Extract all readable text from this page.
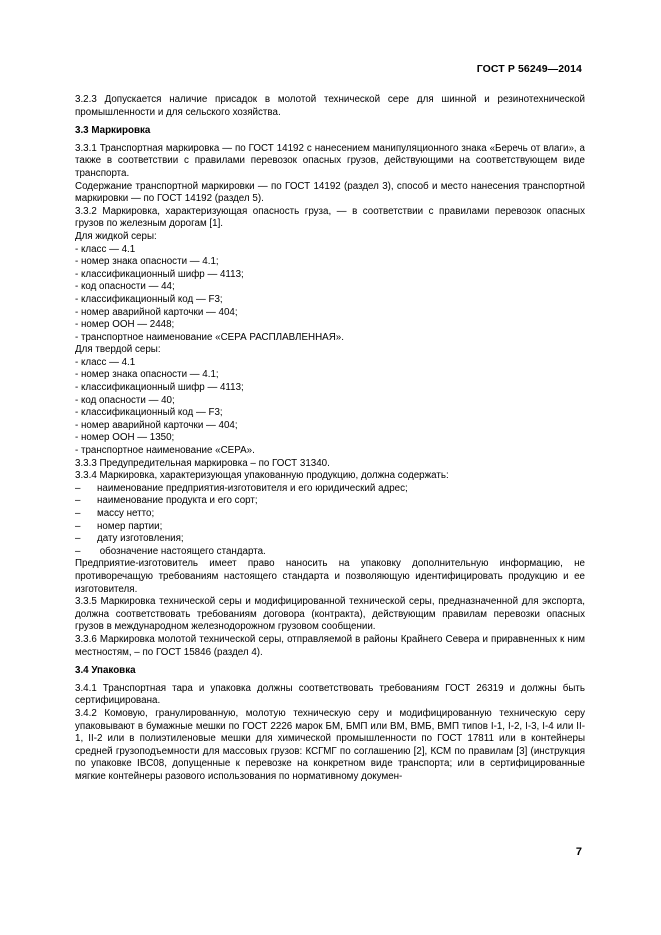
ГОСТ Р 56249—2014

3.2.3 Допускается наличие присадок в молотой технической сере для шинной и резинотехнической промышленности и для сельского хозяйства.

3.3 Маркировка

3.3.1 Транспортная маркировка — по ГОСТ 14192 с нанесением манипуляционного знака «Беречь от влаги», а также в соответствии с правилами перевозок опасных грузов, действующими на соответствующем виде транспорта.

Содержание транспортной маркировки — по ГОСТ 14192 (раздел 3), способ и место нанесения транспортной маркировки — по ГОСТ 14192 (раздел 5).

3.3.2 Маркировка, характеризующая опасность груза, — в соответствии с правилами перевозок опасных грузов по железным дорогам [1].

Для жидкой серы:

- класс — 4.1

- номер знака опасности — 4.1;

- классификационный шифр — 4113;

- код опасности — 44;

- классификационный код — F3;

- номер аварийной карточки — 404;

- номер ООН — 2448;

- транспортное наименование «СЕРА РАСПЛАВЛЕННАЯ».

Для твердой серы:

- класс — 4.1

- номер знака опасности — 4.1;

- классификационный шифр — 4113;

- код опасности — 40;

- классификационный код — F3;

- номер аварийной карточки — 404;

- номер ООН — 1350;

- транспортное наименование «СЕРА».

3.3.3 Предупредительная маркировка – по ГОСТ 31340.

3.3.4 Маркировка, характеризующая упакованную продукцию, должна содержать:

–	наименование предприятия-изготовителя и его юридический адрес;
–	наименование продукта и его сорт;
–	массу нетто;
–	номер партии;
–	дату изготовления;
–	обозначение настоящего стандарта.

Предприятие-изготовитель имеет право наносить на упаковку дополнительную информацию, не противоречащую требованиям настоящего стандарта и позволяющую идентифицировать продукцию и ее изготовителя.

3.3.5 Маркировка технической серы и модифицированной технической серы, предназначенной для экспорта, должна соответствовать требованиям договора (контракта), действующим правилам перевозки опасных грузов в международном железнодорожном грузовом сообщении.

3.3.6 Маркировка молотой технической серы, отправляемой в районы Крайнего Севера и приравненных к ним местностям, – по ГОСТ 15846 (раздел 4).

3.4 Упаковка

3.4.1 Транспортная тара и упаковка должны соответствовать требованиям ГОСТ 26319 и должны быть сертифицирована.

3.4.2 Комовую, гранулированную, молотую техническую серу и модифицированную техническую серу упаковывают в бумажные мешки по ГОСТ 2226 марок БМ, БМП или ВМ, ВМБ, ВМП типов I-1, I-2, I-3, I-4 или II-1, II-2 или в полиэтиленовые мешки для химической промышленности по ГОСТ 17811 или в контейнеры средней грузоподъемности для массовых грузов: КСГМГ по соглашению [2], КСМ по правилам [3] (инструкция по упаковке IBC08, допущенные к перевозке на конкретном виде транспорта; или в сертифицированные мягкие контейнеры разового использования по нормативному докумен-

7
